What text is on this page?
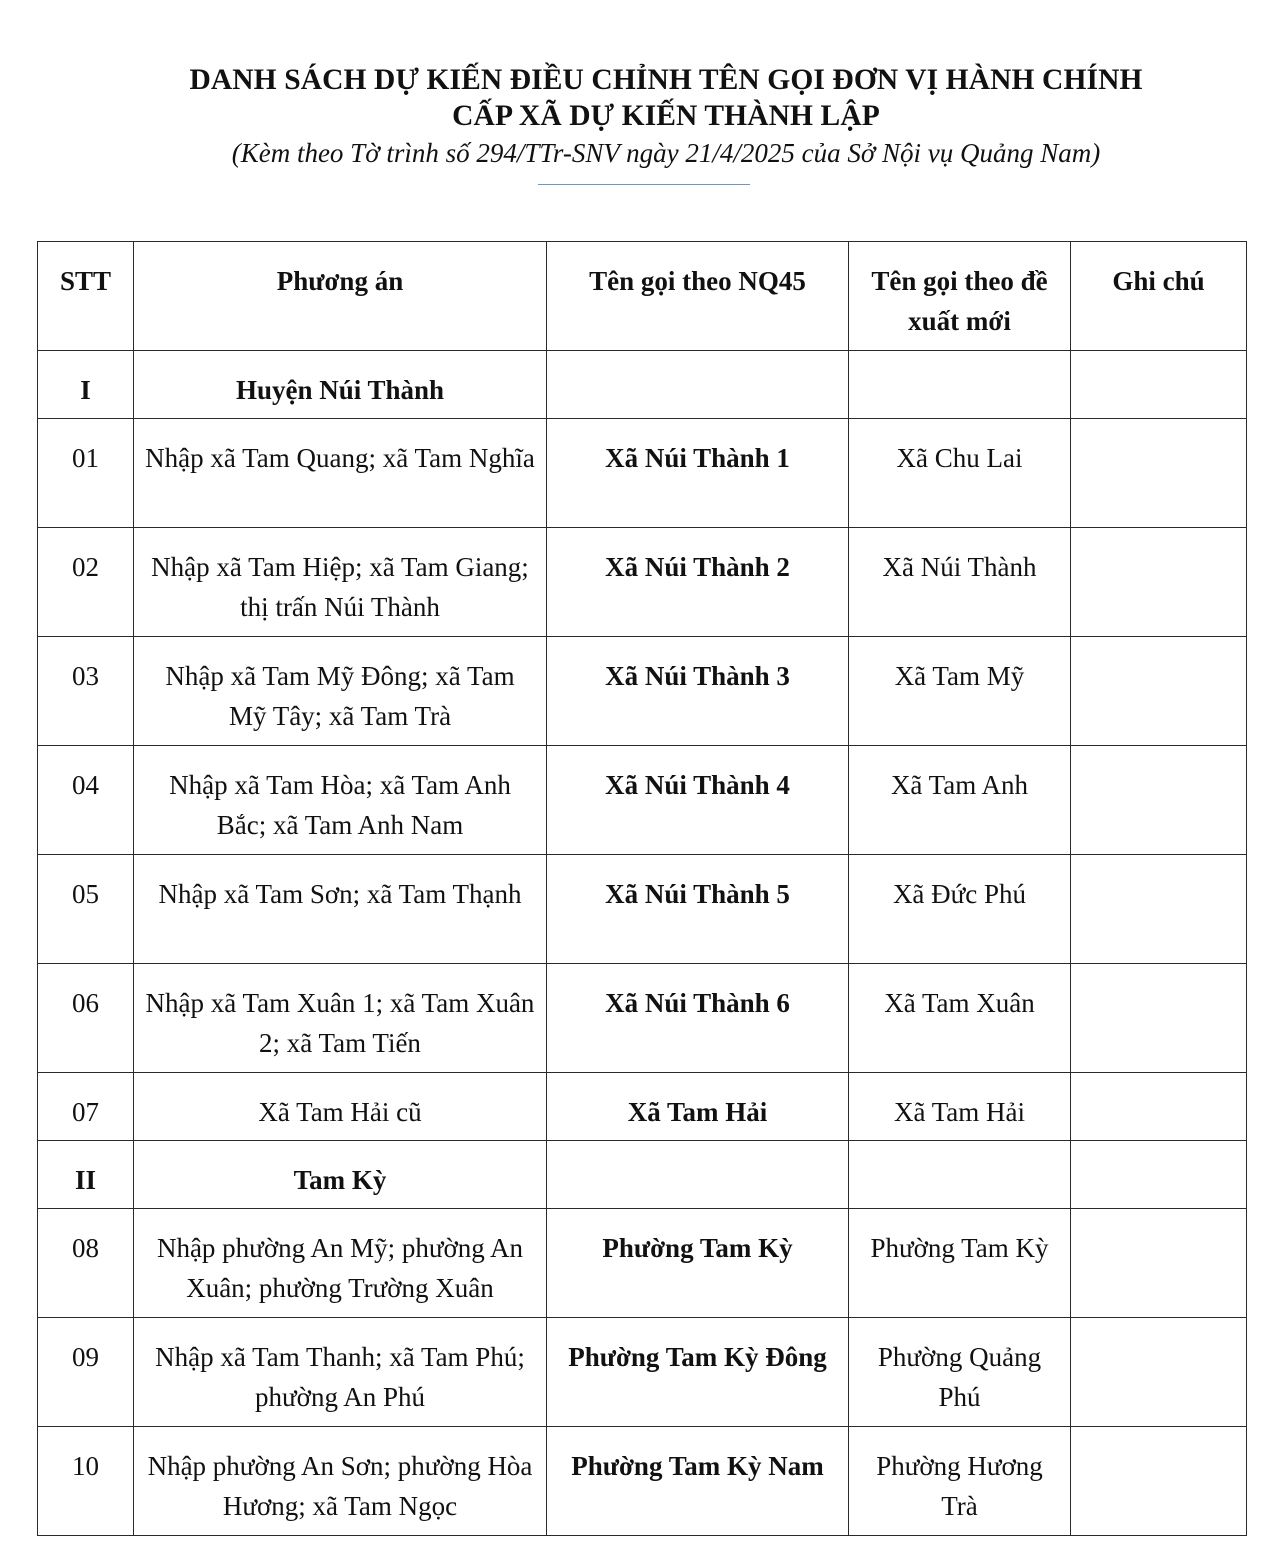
DANH SÁCH DỰ KIẾN ĐIỀU CHỈNH TÊN GỌI ĐƠN VỊ HÀNH CHÍNH

CẤP XÃ DỰ KIẾN THÀNH LẬP

(Kèm theo Tờ trình số 294/TTr-SNV ngày 21/4/2025 của Sở Nội vụ Quảng Nam)

STT	Phương án	Tên gọi theo NQ45	Tên gọi theo đề xuất mới	Ghi chú
I	Huyện Núi Thành			
01	Nhập xã Tam Quang; xã Tam Nghĩa	Xã Núi Thành 1	Xã Chu Lai	
02	Nhập xã Tam Hiệp; xã Tam Giang; thị trấn Núi Thành	Xã Núi Thành 2	Xã Núi Thành	
03	Nhập xã Tam Mỹ Đông; xã Tam Mỹ Tây; xã Tam Trà	Xã Núi Thành 3	Xã Tam Mỹ	
04	Nhập xã Tam Hòa; xã Tam Anh Bắc; xã Tam Anh Nam	Xã Núi Thành 4	Xã Tam Anh	
05	Nhập xã Tam Sơn; xã Tam Thạnh	Xã Núi Thành 5	Xã Đức Phú	
06	Nhập xã Tam Xuân 1; xã Tam Xuân 2; xã Tam Tiến	Xã Núi Thành 6	Xã Tam Xuân	
07	Xã Tam Hải cũ	Xã Tam Hải	Xã Tam Hải	
II	Tam Kỳ			
08	Nhập phường An Mỹ; phường An Xuân; phường Trường Xuân	Phường Tam Kỳ	Phường Tam Kỳ	
09	Nhập xã Tam Thanh; xã Tam Phú; phường An Phú	Phường Tam Kỳ Đông	Phường Quảng Phú	
10	Nhập phường An Sơn; phường Hòa Hương; xã Tam Ngọc	Phường Tam Kỳ Nam	Phường Hương Trà	
